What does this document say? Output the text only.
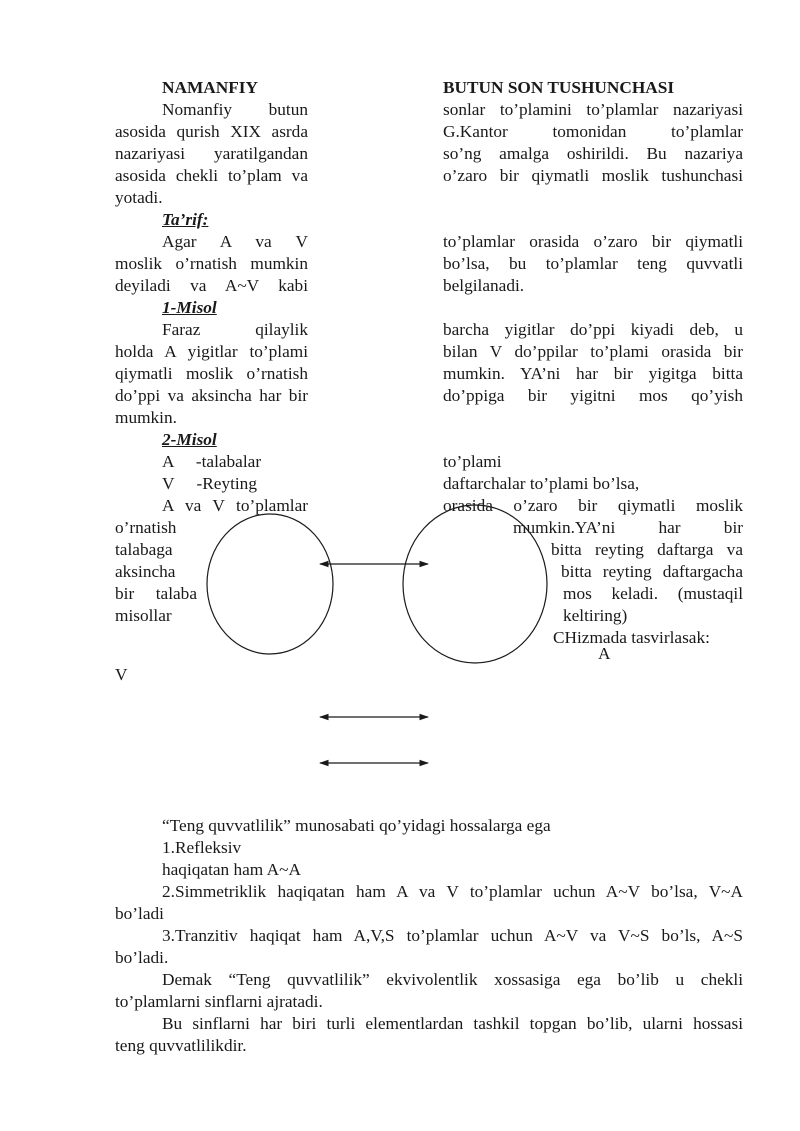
NAMANFIY
Nomanfiy butun
asosida qurish XIX asrda
nazariyasi yaratilgandan
asosida chekli to’plam va
yotadi.
Ta’rif:
Agar A va V
moslik o’rnatish mumkin
deyiladi va A~V kabi
1-Misol
Faraz qilaylik
holda A yigitlar to’plami
qiymatli moslik o’rnatish
do’ppi va aksincha har bir
mumkin.
2-Misol
A -talabalar
V -Reyting
A va V to’plamlar
o’rnatish
talabaga
aksincha
bir talaba
misollar
V
BUTUN SON TUSHUNCHASI
sonlar to’plamini to’plamlar nazariyasi
G.Kantor tomonidan to’plamlar
so’ng amalga oshirildi. Bu nazariya
o’zaro bir qiymatli moslik tushunchasi
to’plamlar orasida o’zaro bir qiymatli
bo’lsa, bu to’plamlar teng quvvatli
belgilanadi.
barcha yigitlar do’ppi kiyadi deb, u
bilan V do’ppilar to’plami orasida bir
mumkin. YA’ni har bir yigitga bitta
do’ppiga bir yigitni mos qo’yish
to’plami
daftarchalar to’plami bo’lsa,
orasida o’zaro bir qiymatli moslik
mumkin.YA’ni har bir
bitta reyting daftarga va
bitta reyting daftargacha
mos keladi. (mustaqil
keltiring)
CHizmada tasvirlasak:
A
“Teng quvvatlilik” munosabati qo’yidagi hossalarga ega
1.Refleksiv
haqiqatan ham A~A
2.Simmetriklik haqiqatan ham A va V to’plamlar uchun A~V bo’lsa, V~A
bo’ladi
3.Tranzitiv haqiqat ham A,V,S to’plamlar uchun A~V va V~S bo’ls, A~S
bo’ladi.
Demak “Teng quvvatlilik” ekvivolentlik xossasiga ega bo’lib u chekli
to’plamlarni sinflarni ajratadi.
Bu sinflarni har biri turli elementlardan tashkil topgan bo’lib, ularni hossasi
teng quvvatlilikdir.
